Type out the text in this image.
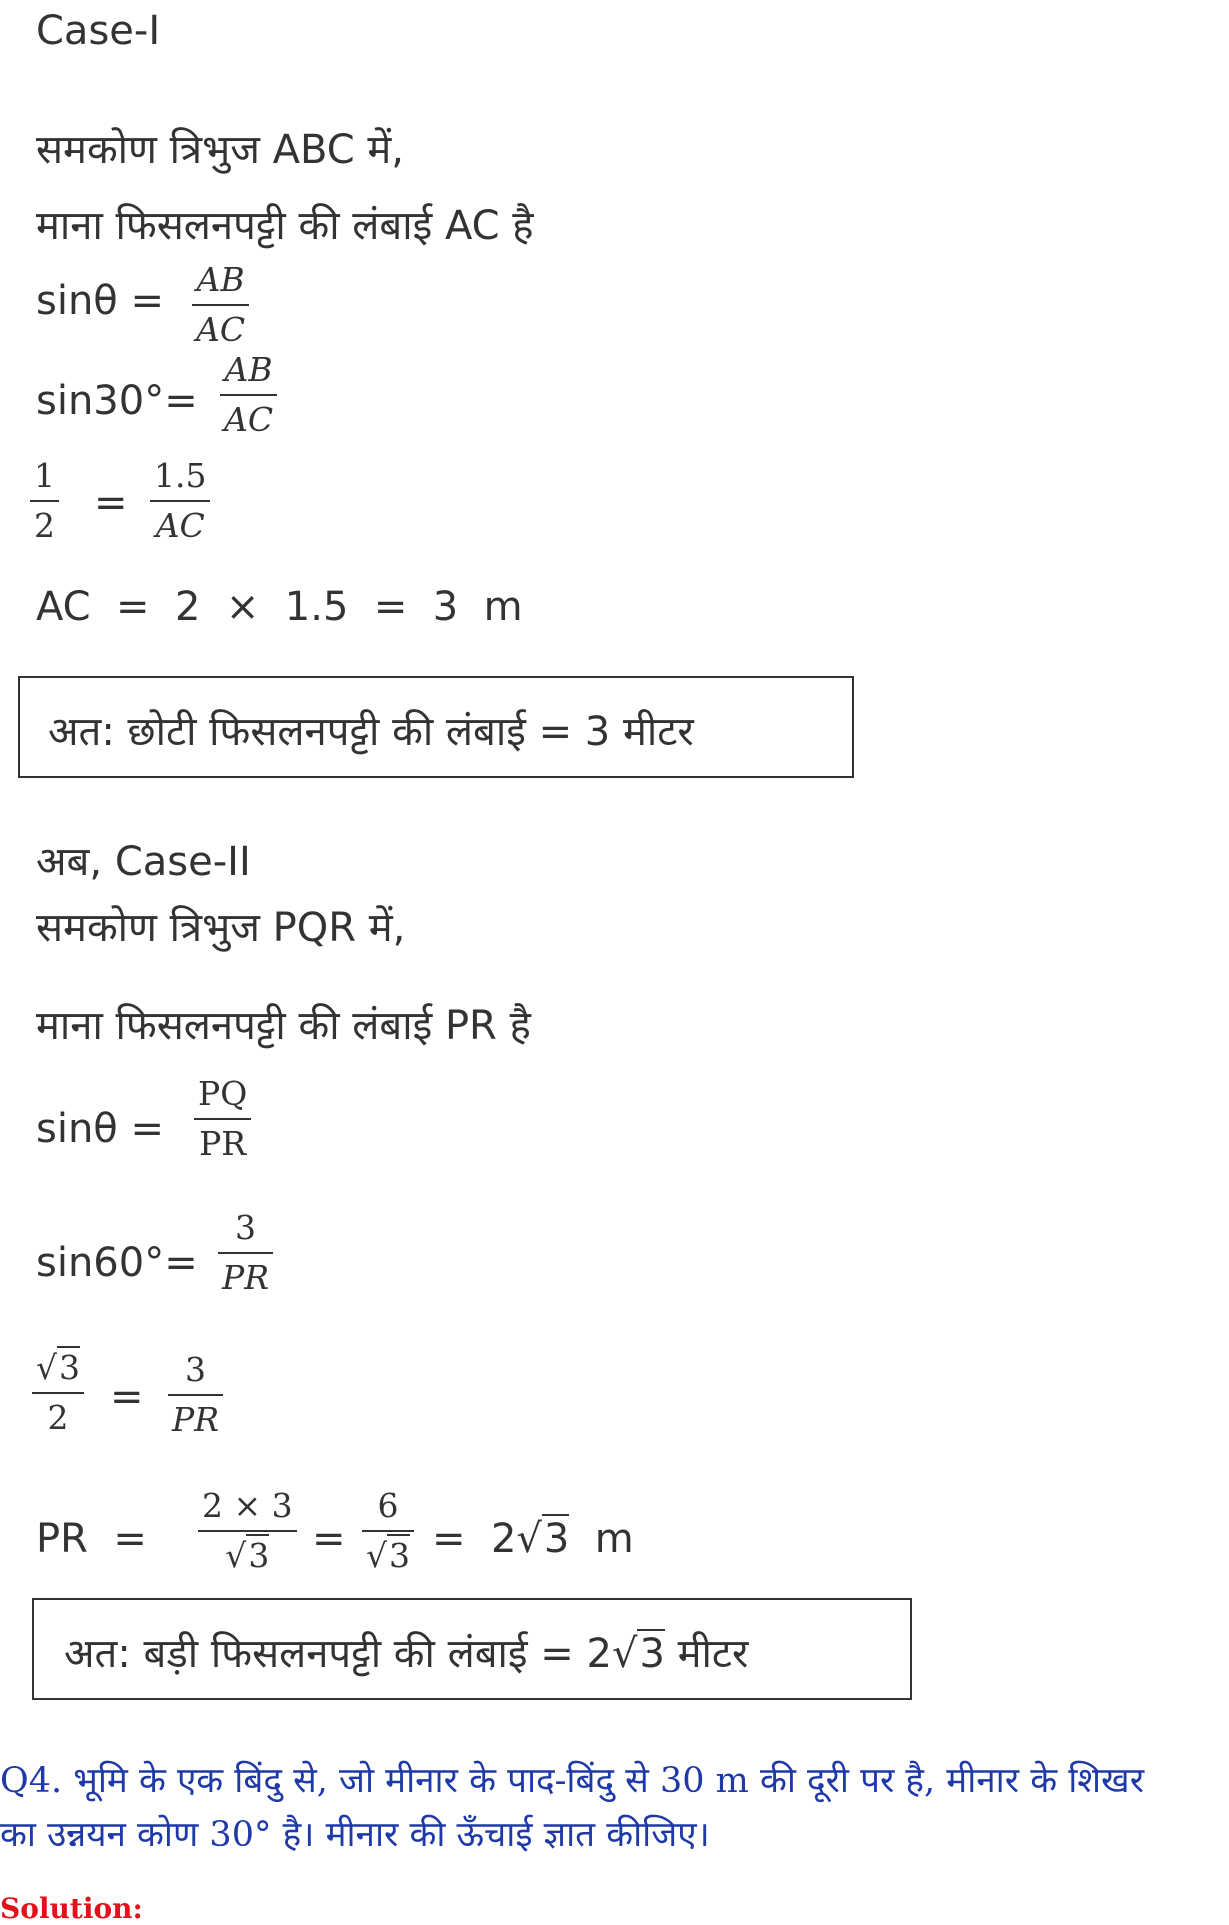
Case-I
समकोण त्रिभुज ABC में,
माना फिसलनपट्टी की लंबाई AC है
sinθ = AB
AC
sin30°=
AB
AC
1
2 =
1.5
AC
AC  =  2  ×  1.5  =  3  m
अत: छोटी फिसलनपट्टी की लंबाई = 3 मीटर
अब, Case-II
समकोण त्रिभुज PQR में,
माना फिसलनपट्टी की लंबाई PR है
sinθ =
PQ
PR
sin60°=
3
PR
√3
2 =
3
PR
PR  =
2 × 3
√3 =
6
√3 =  2√3 m
अत: बड़ी फिसलनपट्टी की लंबाई = 2√3 मीटर
Q4. भूमि के एक बिंदु से, जो मीनार के पाद-बिंदु से 30 m की दूरी पर है, मीनार के शिखर
का उन्नयन कोण 30° है। मीनार की ऊँचाई ज्ञात कीजिए।
Solution:
